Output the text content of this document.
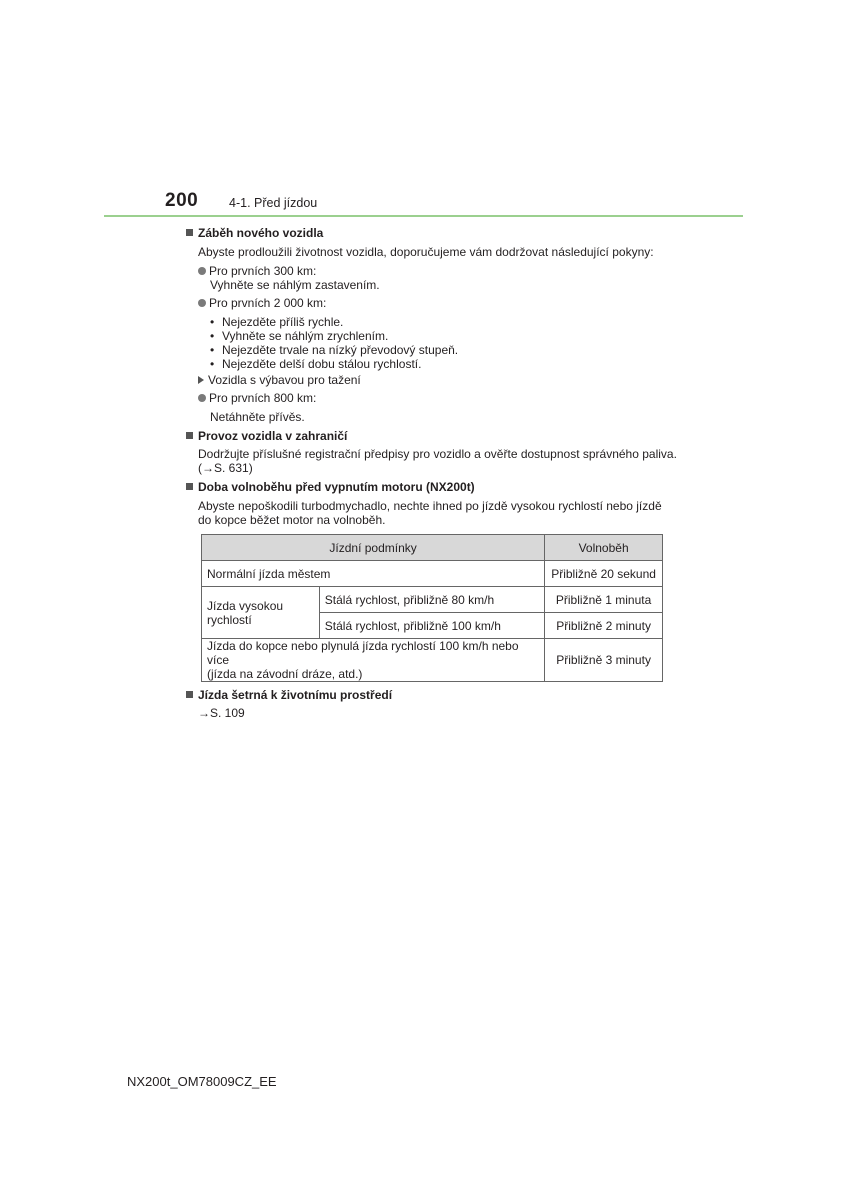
200 4-1. Před jízdou
Záběh nového vozidla
Abyste prodloužili životnost vozidla, doporučujeme vám dodržovat následující pokyny:
Pro prvních 300 km:
Vyhněte se náhlým zastavením.
Pro prvních 2 000 km:
• Nejezděte příliš rychle.
• Vyhněte se náhlým zrychlením.
• Nejezděte trvale na nízký převodový stupeň.
• Nejezděte delší dobu stálou rychlostí.
Vozidla s výbavou pro tažení
Pro prvních 800 km:
Netáhněte přívěs.
Provoz vozidla v zahraničí
Dodržujte příslušné registrační předpisy pro vozidlo a ověřte dostupnost správného paliva.
(→S. 631)
Doba volnoběhu před vypnutím motoru (NX200t)
Abyste nepoškodili turbodmychadlo, nechte ihned po jízdě vysokou rychlostí nebo jízdě
do kopce běžet motor na volnoběh.
Jízdní podmínky		Volnoběh
Normální jízda městem		Přibližně 20 sekund
Jízda vysokou
rychlostí	Stálá rychlost, přibližně 80 km/h	Přibližně 1 minuta
	Stálá rychlost, přibližně 100 km/h	Přibližně 2 minuty
Jízda do kopce nebo plynulá jízda rychlostí 100 km/h nebo více
(jízda na závodní dráze, atd.)		Přibližně 3 minuty
Jízda šetrná k životnímu prostředí
→S. 109
NX200t_OM78009CZ_EE
